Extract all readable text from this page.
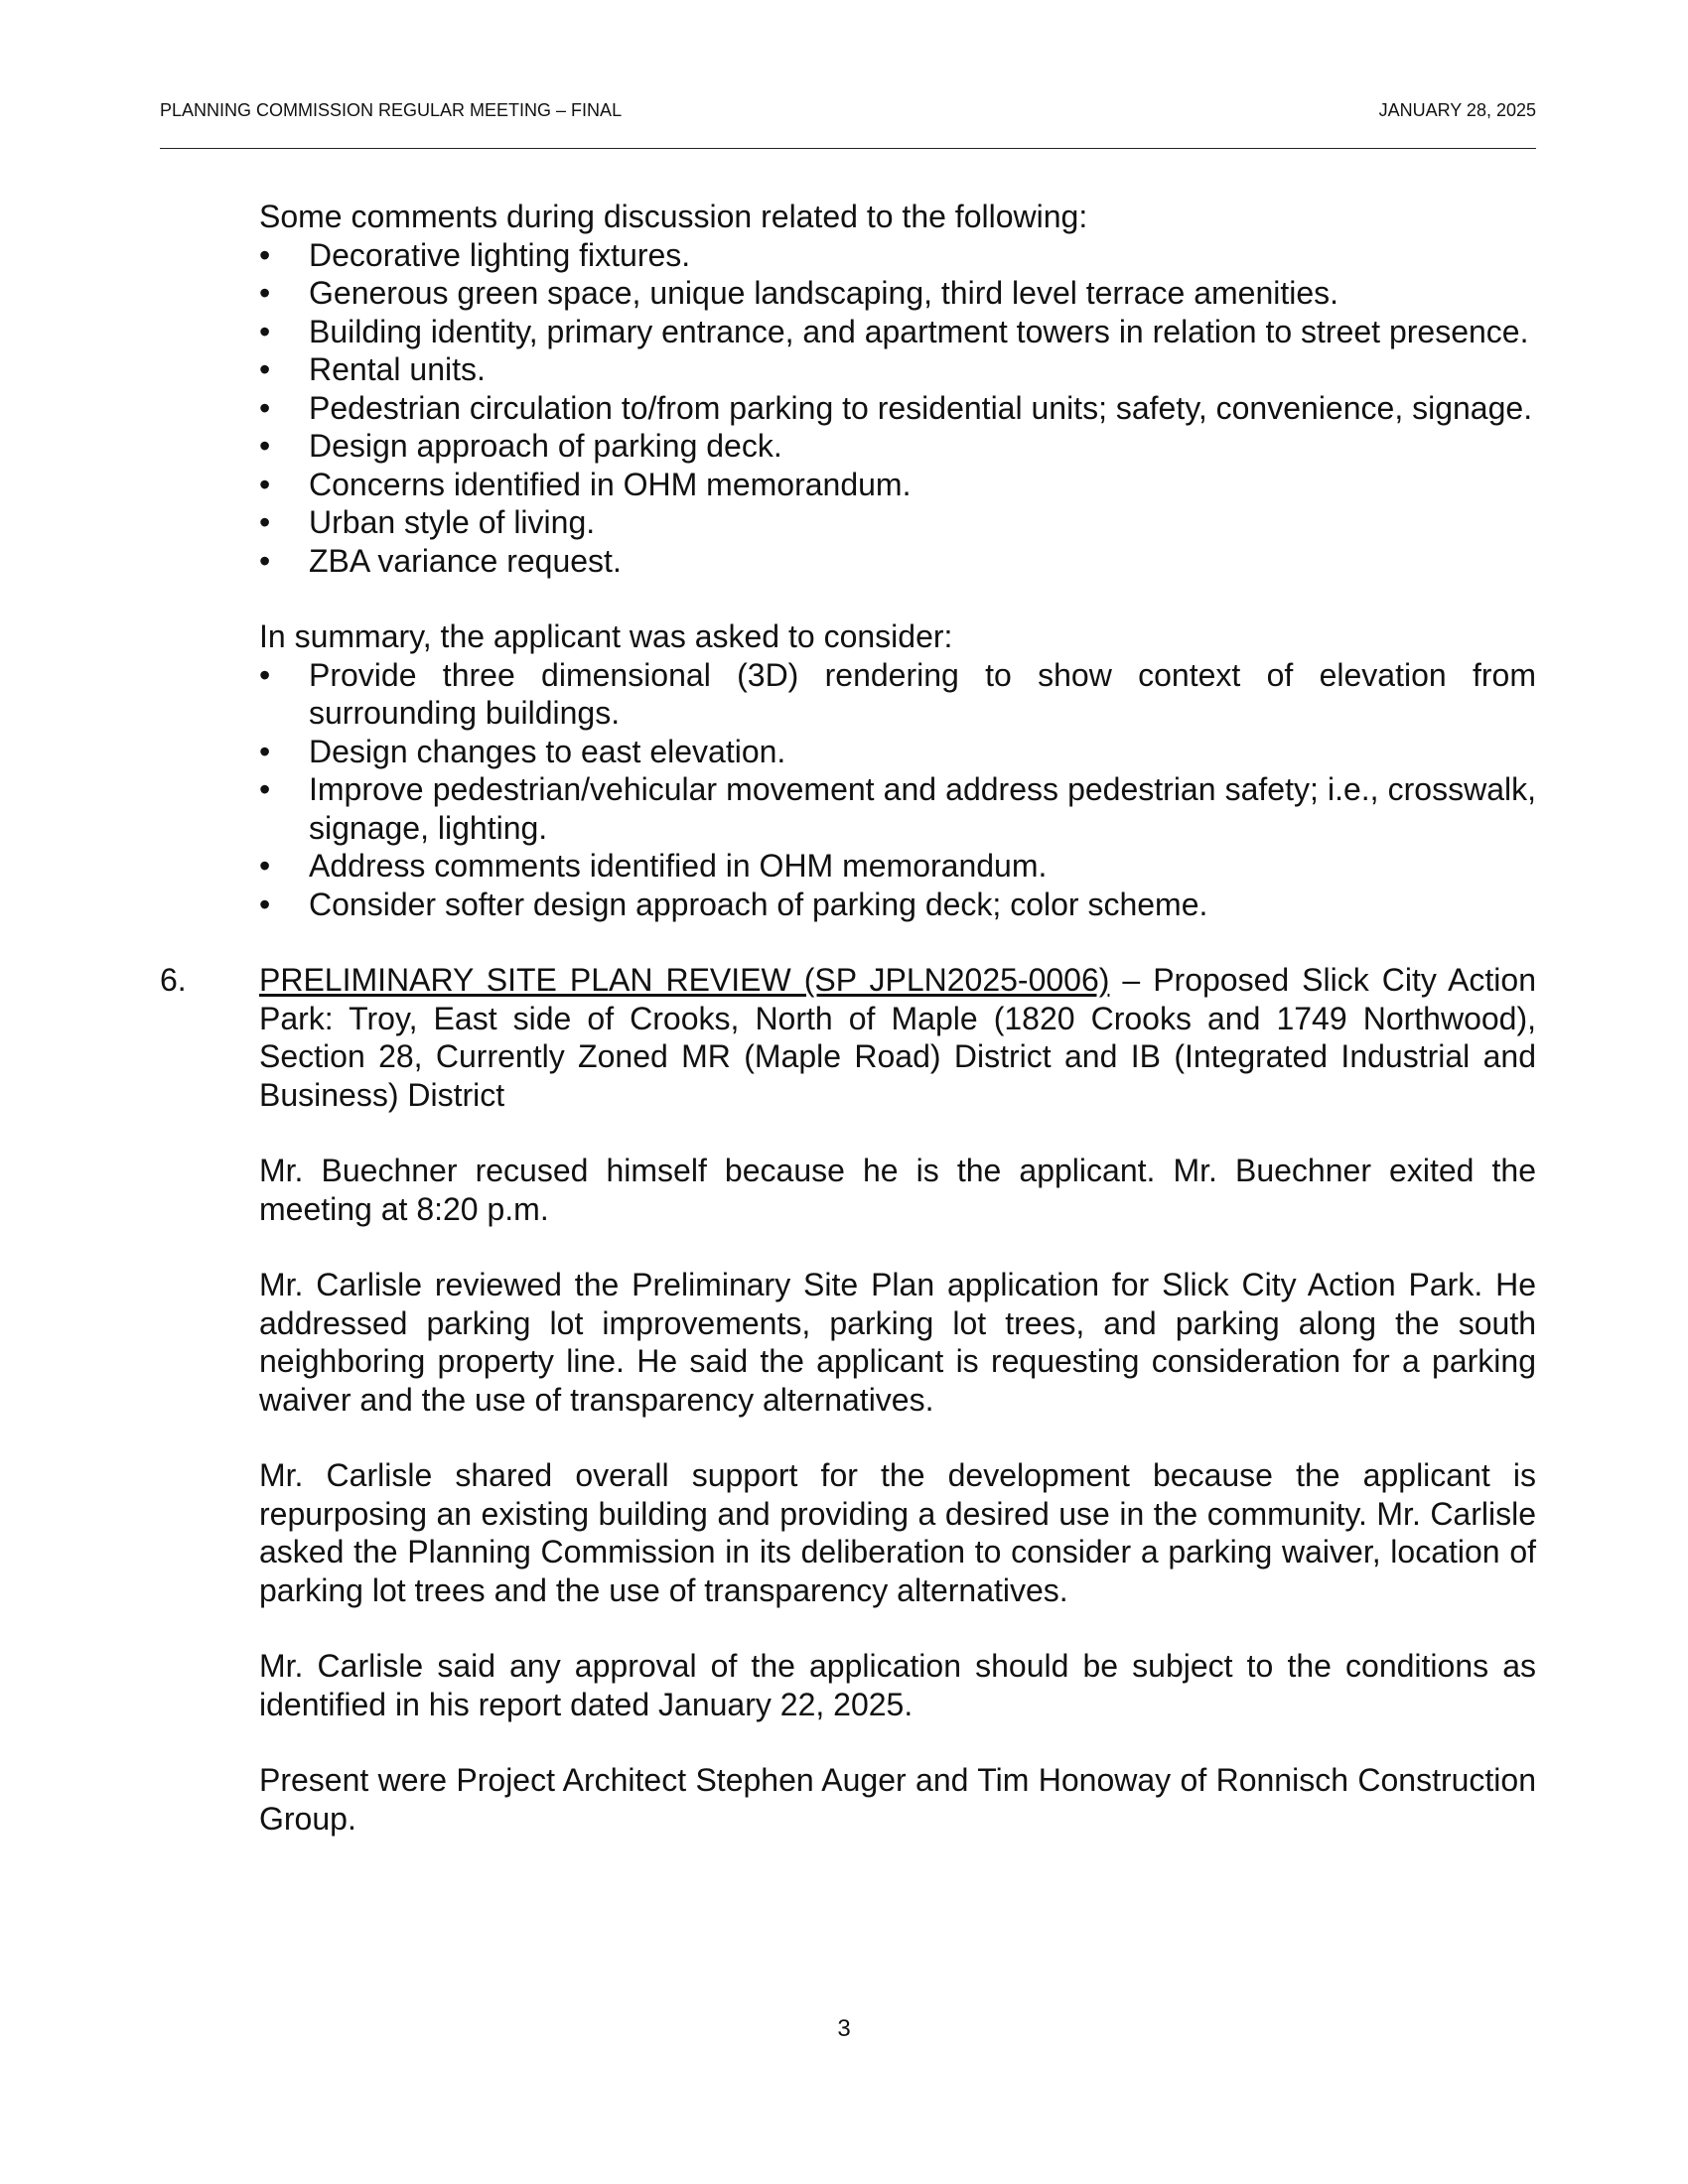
PLANNING COMMISSION REGULAR MEETING – FINAL	JANUARY 28, 2025

Some comments during discussion related to the following:

• Decorative lighting fixtures.
• Generous green space, unique landscaping, third level terrace amenities.
• Building identity, primary entrance, and apartment towers in relation to street presence.
• Rental units.
• Pedestrian circulation to/from parking to residential units; safety, convenience, signage.
• Design approach of parking deck.
• Concerns identified in OHM memorandum.
• Urban style of living.
• ZBA variance request.

In summary, the applicant was asked to consider:

• Provide three dimensional (3D) rendering to show context of elevation from surrounding buildings.
• Design changes to east elevation.
• Improve pedestrian/vehicular movement and address pedestrian safety; i.e., crosswalk, signage, lighting.
• Address comments identified in OHM memorandum.
• Consider softer design approach of parking deck; color scheme.
6.	PRELIMINARY SITE PLAN REVIEW (SP JPLN2025-0006) – Proposed Slick City Action Park: Troy, East side of Crooks, North of Maple (1820 Crooks and 1749 Northwood), Section 28, Currently Zoned MR (Maple Road) District and IB (Integrated Industrial and Business) District

Mr. Buechner recused himself because he is the applicant. Mr. Buechner exited the meeting at 8:20 p.m.

Mr. Carlisle reviewed the Preliminary Site Plan application for Slick City Action Park. He addressed parking lot improvements, parking lot trees, and parking along the south neighboring property line. He said the applicant is requesting consideration for a parking waiver and the use of transparency alternatives.

Mr. Carlisle shared overall support for the development because the applicant is repurposing an existing building and providing a desired use in the community. Mr. Carlisle asked the Planning Commission in its deliberation to consider a parking waiver, location of parking lot trees and the use of transparency alternatives.

Mr. Carlisle said any approval of the application should be subject to the conditions as identified in his report dated January 22, 2025.

Present were Project Architect Stephen Auger and Tim Honoway of Ronnisch Construction Group.

3
